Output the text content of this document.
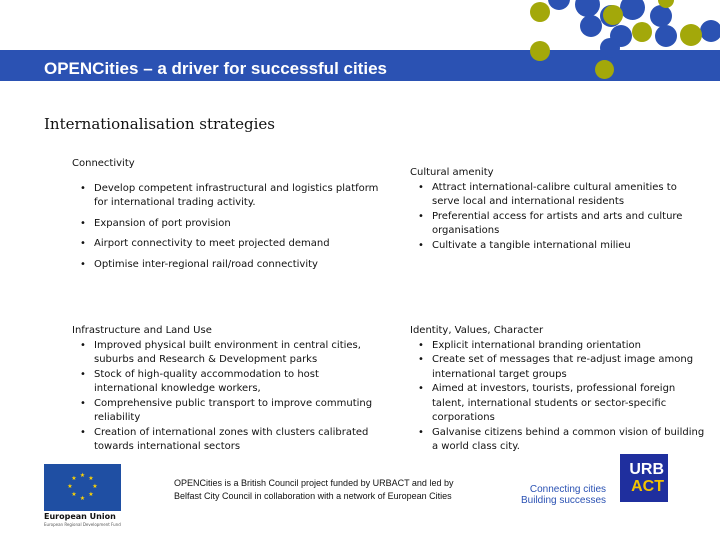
OPENCities – a driver for successful cities
Internationalisation strategies
Connectivity
• Develop competent infrastructural and logistics platform for international trading activity.
• Expansion of port provision
• Airport connectivity to meet projected demand
• Optimise inter-regional rail/road connectivity
Cultural amenity
• Attract international-calibre cultural amenities to serve local and international residents
• Preferential access for artists and arts and culture organisations
• Cultivate a tangible international milieu
Infrastructure and Land Use
• Improved physical built environment in central cities, suburbs and Research & Development parks
• Stock of high-quality accommodation to host international knowledge workers,
• Comprehensive public transport to improve commuting reliability
• Creation of international zones with clusters calibrated towards international sectors
Identity, Values, Character
• Explicit international branding orientation
• Create set of messages that re-adjust image among international target groups
• Aimed at investors, tourists, professional foreign talent, international students or sector-specific corporations
• Galvanise citizens behind a common vision of building a world class city.
★ ★
★
★
★
★
★
★
European Union
European Regional Development Fund
OPENCities is a British Council project funded by URBACT and led by
Belfast City Council in collaboration with a network of European Cities
Connecting cities
Building successes
URB
ACT
